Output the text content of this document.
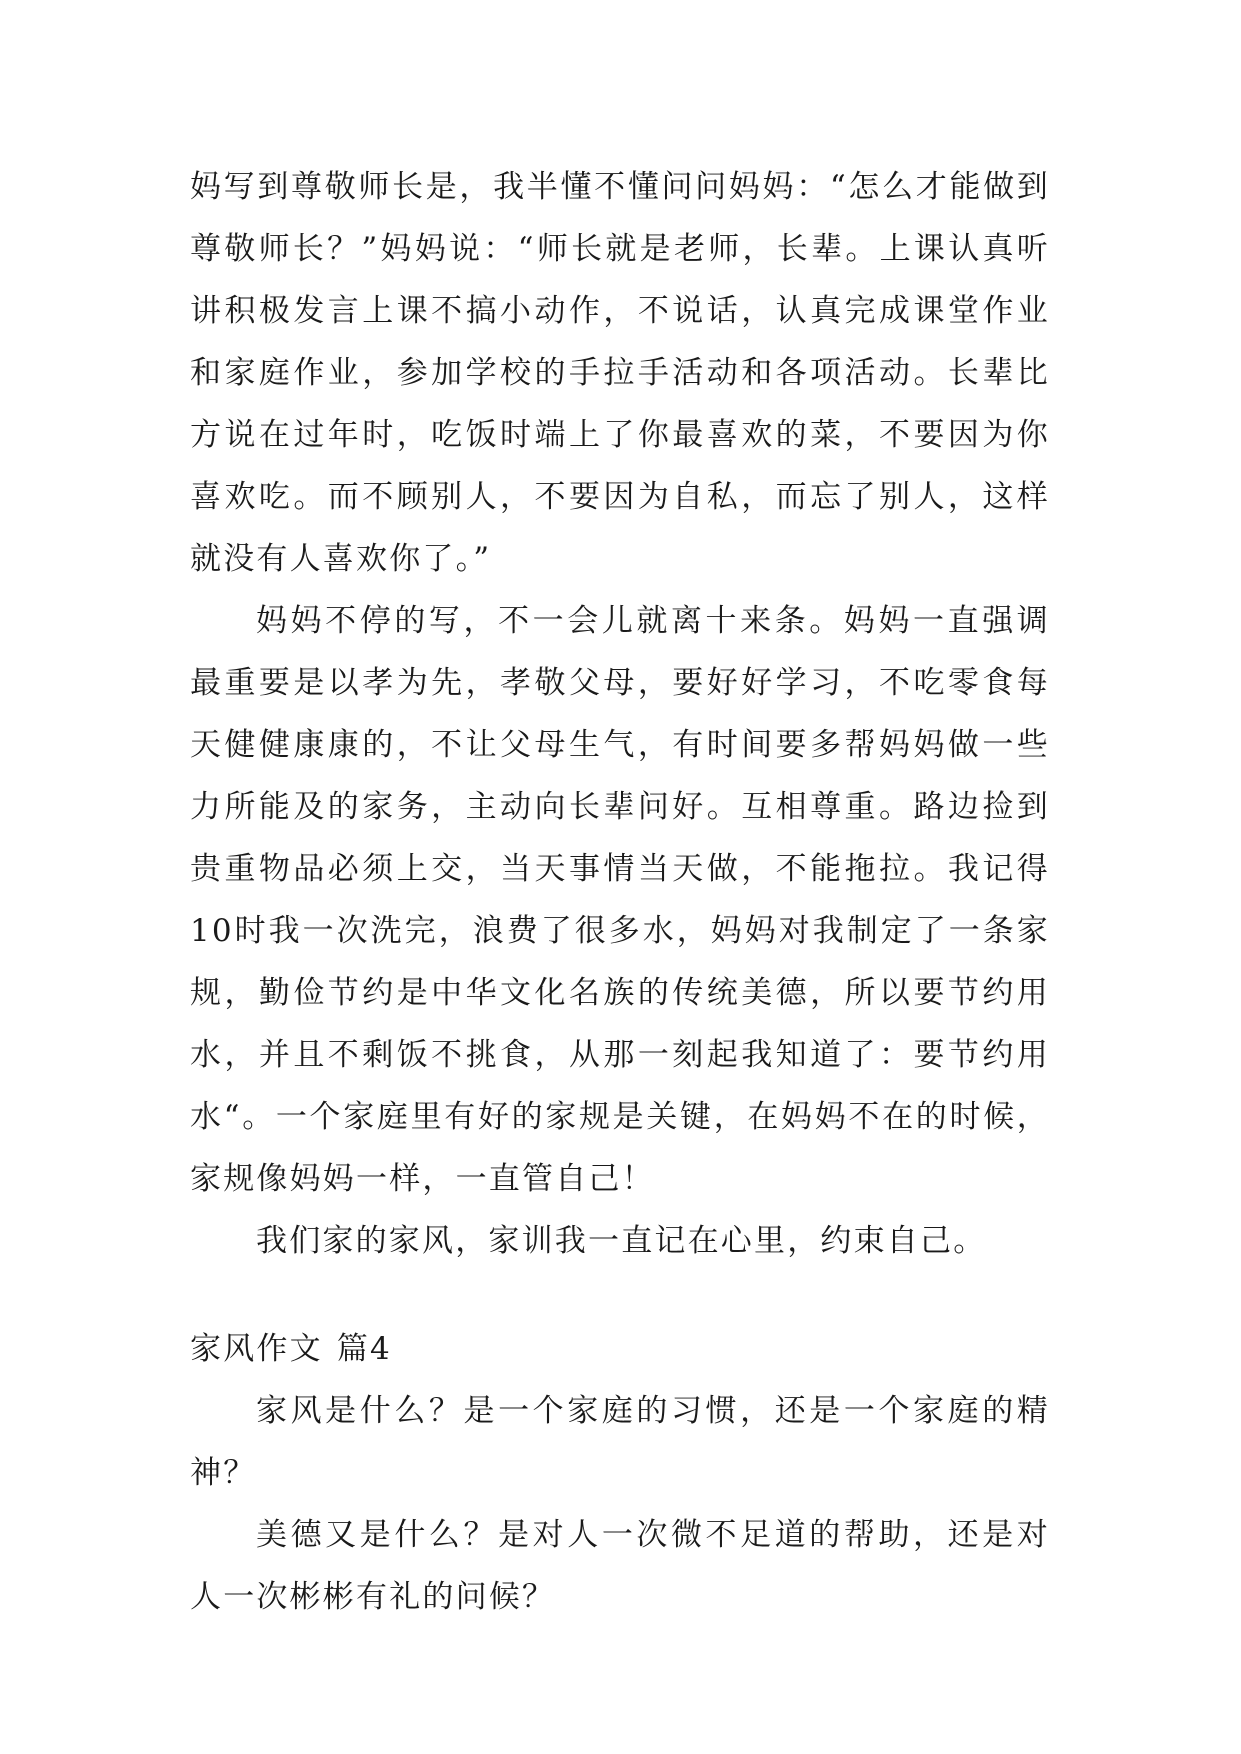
妈写到尊敬师长是，我半懂不懂问问妈妈：“怎么才能做到尊敬师长？”妈妈说：“师长就是老师，长辈。上课认真听讲积极发言上课不搞小动作，不说话，认真完成课堂作业和家庭作业，参加学校的手拉手活动和各项活动。长辈比方说在过年时，吃饭时端上了你最喜欢的菜，不要因为你喜欢吃。而不顾别人，不要因为自私，而忘了别人，这样就没有人喜欢你了。”

妈妈不停的写，不一会儿就离十来条。妈妈一直强调最重要是以孝为先，孝敬父母，要好好学习，不吃零食每天健健康康的，不让父母生气，有时间要多帮妈妈做一些力所能及的家务，主动向长辈问好。互相尊重。路边捡到贵重物品必须上交，当天事情当天做，不能拖拉。我记得10时我一次洗完，浪费了很多水，妈妈对我制定了一条家规，勤俭节约是中华文化名族的传统美德，所以要节约用水，并且不剩饭不挑食，从那一刻起我知道了：要节约用水“。一个家庭里有好的家规是关键，在妈妈不在的时候，家规像妈妈一样，一直管自己！

我们家的家风，家训我一直记在心里，约束自己。

家风作文 篇4

家风是什么？是一个家庭的习惯，还是一个家庭的精神？

美德又是什么？是对人一次微不足道的帮助，还是对人一次彬彬有礼的问候？
